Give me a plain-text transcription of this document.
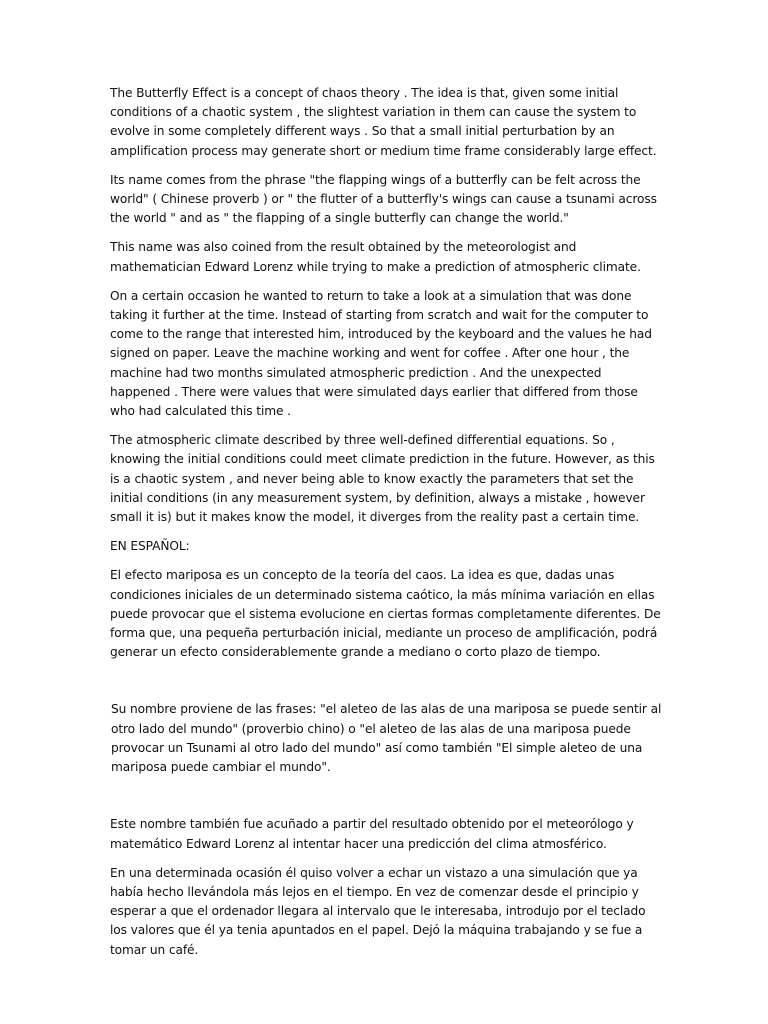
The Butterfly Effect is a concept of chaos theory . The idea is that, given some initial conditions of a chaotic system , the slightest variation in them can cause the system to evolve in some completely different ways . So that a small initial perturbation by an amplification process may generate short or medium time frame considerably large effect.

Its name comes from the phrase "the flapping wings of a butterfly can be felt across the world" ( Chinese proverb ) or " the flutter of a butterfly's wings can cause a tsunami across the world " and as " the flapping of a single butterfly can change the world."

This name was also coined from the result obtained by the meteorologist and mathematician Edward Lorenz while trying to make a prediction of atmospheric climate.

On a certain occasion he wanted to return to take a look at a simulation that was done taking it further at the time. Instead of starting from scratch and wait for the computer to come to the range that interested him, introduced by the keyboard and the values he had signed on paper. Leave the machine working and went for coffee . After one hour , the machine had two months simulated atmospheric prediction . And the unexpected happened . There were values that were simulated days earlier that differed from those who had calculated this time .

The atmospheric climate described by three well-defined differential equations. So , knowing the initial conditions could meet climate prediction in the future. However, as this is a chaotic system , and never being able to know exactly the parameters that set the initial conditions (in any measurement system, by definition, always a mistake , however small it is) but it makes know the model, it diverges from the reality past a certain time.

EN ESPAÑOL:

El efecto mariposa es un concepto de la teoría del caos. La idea es que, dadas unas condiciones iniciales de un determinado sistema caótico, la más mínima variación en ellas puede provocar que el sistema evolucione en ciertas formas completamente diferentes. De forma que, una pequeña perturbación inicial, mediante un proceso de amplificación, podrá generar un efecto considerablemente grande a mediano o corto plazo de tiempo.

Su nombre proviene de las frases: "el aleteo de las alas de una mariposa se puede sentir al otro lado del mundo" (proverbio chino) o "el aleteo de las alas de una mariposa puede provocar un Tsunami al otro lado del mundo" así como también "El simple aleteo de una mariposa puede cambiar el mundo".

Este nombre también fue acuñado a partir del resultado obtenido por el meteorólogo y matemático Edward Lorenz al intentar hacer una predicción del clima atmosférico.

En una determinada ocasión él quiso volver a echar un vistazo a una simulación que ya había hecho llevándola más lejos en el tiempo. En vez de comenzar desde el principio y esperar a que el ordenador llegara al intervalo que le interesaba, introdujo por el teclado los valores que él ya tenia apuntados en el papel. Dejó la máquina trabajando y se fue a tomar un café.
